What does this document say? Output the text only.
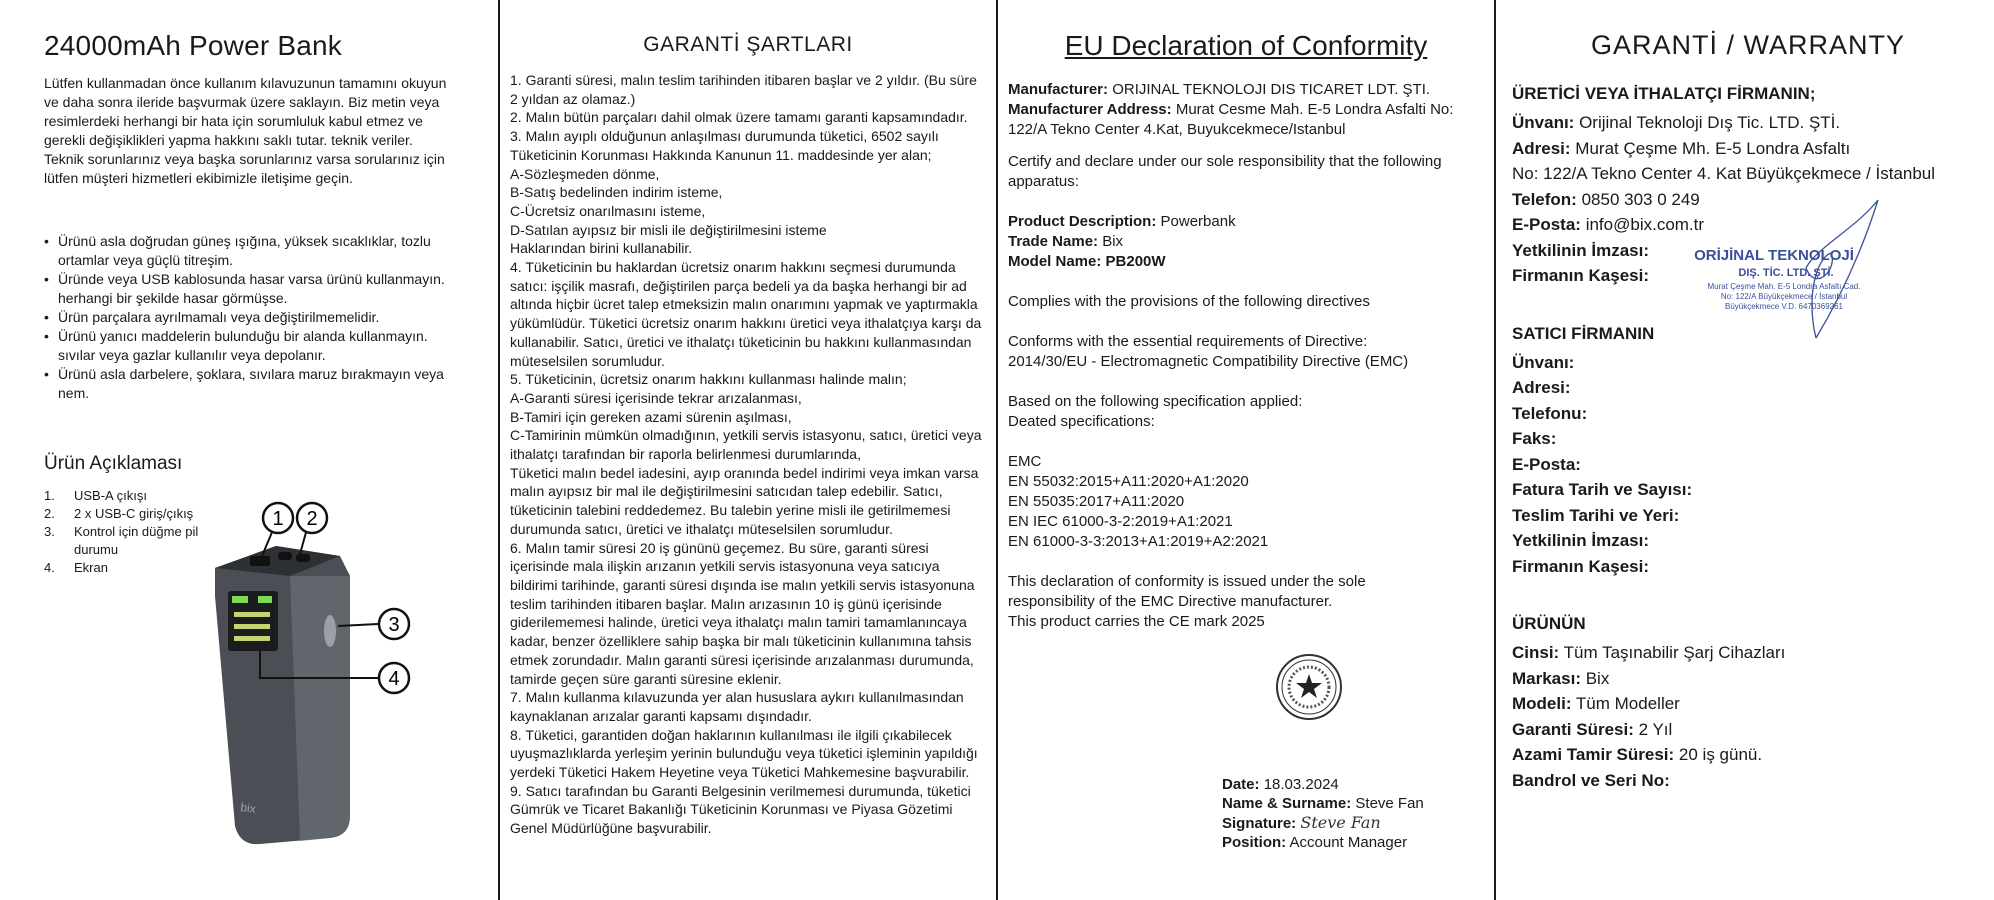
24000mAh Power Bank

Lütfen kullanmadan önce kullanım kılavuzunun tamamını okuyun ve daha sonra ileride başvurmak üzere saklayın. Biz metin veya resimlerdeki herhangi bir hata için sorumluluk kabul etmez ve gerekli değişiklikleri yapma hakkını saklı tutar. teknik veriler. Teknik sorunlarınız veya başka sorunlarınız varsa sorularınız için lütfen müşteri hizmetleri ekibimizle iletişime geçin.

• Ürünü asla doğrudan güneş ışığına, yüksek sıcaklıklar, tozlu ortamlar veya güçlü titreşim.
• Üründe veya USB kablosunda hasar varsa ürünü kullanmayın. herhangi bir şekilde hasar görmüşse.
• Ürün parçalara ayrılmamalı veya değiştirilmemelidir.
• Ürünü yanıcı maddelerin bulunduğu bir alanda kullanmayın. sıvılar veya gazlar kullanılır veya depolanır.
• Ürünü asla darbelere, şoklara, sıvılara maruz bırakmayın veya nem.
Ürün Açıklaması
1. USB-A çıkışı
2. 2 x USB-C giriş/çıkış
3. Kontrol için düğme pil durumu
4. Ekran
bix
1 2
3
4
GARANTİ ŞARTLARI

1. Garanti süresi, malın teslim tarihinden itibaren başlar ve 2 yıldır. (Bu süre 2 yıldan az olamaz.)
2. Malın bütün parçaları dahil olmak üzere tamamı garanti kapsamındadır.
3. Malın ayıplı olduğunun anlaşılması durumunda tüketici, 6502 sayılı Tüketicinin Korunması Hakkında Kanunun 11. maddesinde yer alan;
A-Sözleşmeden dönme,
B-Satış bedelinden indirim isteme,
C-Ücretsiz onarılmasını isteme,
D-Satılan ayıpsız bir misli ile değiştirilmesini isteme
Haklarından birini kullanabilir.
4. Tüketicinin bu haklardan ücretsiz onarım hakkını seçmesi durumunda satıcı: işçilik masrafı, değiştirilen parça bedeli ya da başka herhangi bir ad altında hiçbir ücret talep etmeksizin malın onarımını yapmak ve yaptırmakla yükümlüdür. Tüketici ücretsiz onarım hakkını üretici veya ithalatçıya karşı da kullanabilir. Satıcı, üretici ve ithalatçı tüketicinin bu hakkını kullanmasından müteselsilen sorumludur.
5. Tüketicinin, ücretsiz onarım hakkını kullanması halinde malın;
A-Garanti süresi içerisinde tekrar arızalanması,
B-Tamiri için gereken azami sürenin aşılması,
C-Tamirinin mümkün olmadığının, yetkili servis istasyonu, satıcı, üretici veya ithalatçı tarafından bir raporla belirlenmesi durumlarında,
Tüketici malın bedel iadesini, ayıp oranında bedel indirimi veya imkan varsa malın ayıpsız bir mal ile değiştirilmesini satıcıdan talep edebilir. Satıcı, tüketicinin talebini reddedemez. Bu talebin yerine misli ile getirilmemesi durumunda satıcı, üretici ve ithalatçı müteselsilen sorumludur.
6. Malın tamir süresi 20 iş gününü geçemez. Bu süre, garanti süresi içerisinde mala ilişkin arızanın yetkili servis istasyonuna veya satıcıya bildirimi tarihinde, garanti süresi dışında ise malın yetkili servis istasyonuna teslim tarihinden itibaren başlar. Malın arızasının 10 iş günü içerisinde giderilememesi halinde, üretici veya ithalatçı malın tamiri tamamlanıncaya kadar, benzer özelliklere sahip başka bir malı tüketicinin kullanımına tahsis etmek zorundadır. Malın garanti süresi içerisinde arızalanması durumunda, tamirde geçen süre garanti süresine eklenir.
7. Malın kullanma kılavuzunda yer alan hususlara aykırı kullanılmasından kaynaklanan arızalar garanti kapsamı dışındadır.
8. Tüketici, garantiden doğan haklarının kullanılması ile ilgili çıkabilecek uyuşmazlıklarda yerleşim yerinin bulunduğu veya tüketici işleminin yapıldığı yerdeki Tüketici Hakem Heyetine veya Tüketici Mahkemesine başvurabilir.
9. Satıcı tarafından bu Garanti Belgesinin verilmemesi durumunda, tüketici Gümrük ve Ticaret Bakanlığı Tüketicinin Korunması ve Piyasa Gözetimi Genel Müdürlüğüne başvurabilir.

EU Declaration of Conformity

Manufacturer: ORIJINAL TEKNOLOJI DIS TICARET LDT. ŞTI.

Manufacturer Address: Murat Cesme Mah. E-5 Londra Asfalti No: 122/A Tekno Center 4.Kat, Buyukcekmece/Istanbul

Certify and declare under our sole responsibility that the following apparatus:

Product Description: Powerbank

Trade Name: Bix

Model Name: PB200W

Complies with the provisions of the following directives

Conforms with the essential requirements of Directive:

2014/30/EU - Electromagnetic Compatibility Directive (EMC)

Based on the following specification applied:

Deated specifications:

EMC

EN 55032:2015+A11:2020+A1:2020

EN 55035:2017+A11:2020

EN IEC 61000-3-2:2019+A1:2021

EN 61000-3-3:2013+A1:2019+A2:2021

This declaration of conformity is issued under the sole

responsibility of the EMC Directive manufacturer.

This product carries the CE mark 2025

Date: 18.03.2024
Name & Surname: Steve Fan
Signature: Steve Fan
Position: Account Manager
GARANTİ / WARRANTY
ÜRETİCİ VEYA İTHALATÇI FİRMANIN;

Ünvanı: Orijinal Teknoloji Dış Tic. LTD. ŞTİ.

Adresi: Murat Çeşme Mh. E-5 Londra Asfaltı

No: 122/A Tekno Center 4. Kat Büyükçekmece / İstanbul

Telefon: 0850 303 0 249

E-Posta: info@bix.com.tr

Yetkilinin İmzası:

Firmanın Kaşesi:

SATICI FİRMANIN

Ünvanı:

Adresi:

Telefonu:

Faks:

E-Posta:

Fatura Tarih ve Sayısı:

Teslim Tarihi ve Yeri:

Yetkilinin İmzası:

Firmanın Kaşesi:

ÜRÜNÜN

Cinsi: Tüm Taşınabilir Şarj Cihazları

Markası: Bix

Modeli: Tüm Modeller

Garanti Süresi: 2 Yıl

Azami Tamir Süresi: 20 iş günü.

Bandrol ve Seri No:

ORİJİNAL TEKNOLOJİ
DIŞ. TİC. LTD. ŞTİ.
Murat Çeşme Mah. E-5 Londra Asfaltı Cad.
No: 122/A Büyükçekmece / İstanbul
Büyükçekmece V.D. 6470369261
